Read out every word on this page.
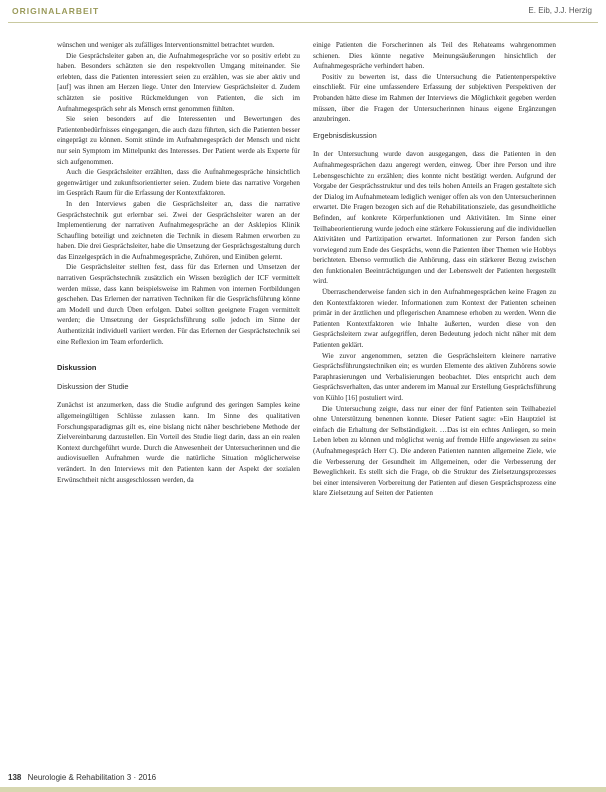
ORIGINALARBEIT	E. Eib, J.J. Herzig

wünschen und weniger als zufälliges Interventionsmittel betrachtet wurden.

Die Gesprächsleiter gaben an, die Aufnahmegespräche vor so positiv erlebt zu haben. Besonders schätzten sie den respektvollen Umgang miteinander. Sie erlebten, dass die Patienten interessiert seien zu erzählen, was sie aber aktiv und [auf] was ihnen am Herzen liege. Unter den Interview Gesprächsleiter d. Zudem schätzten sie positive Rückmeldungen von Patienten, die sich im Aufnahmegespräch sehr als Mensch ernst genommen fühlten.

Sie seien besonders auf die Interessenten und Bewertungen des Patientenbedürfnisses eingegangen, die auch dazu führten, sich die Patienten besser eingeprägt zu können. Somit stünde im Aufnahmegespräch der Mensch und nicht nur sein Symptom im Mittelpunkt des Interesses. Der Patient werde als Experte für sich aufgenommen.

Auch die Gesprächsleiter erzählten, dass die Aufnahmegespräche hinsichtlich gegenwärtiger und zukunftsorientierter seien. Zudem biete das narrative Vorgehen im Gespräch Raum für die Erfassung der Kontextfaktoren.

In den Interviews gaben die Gesprächsleiter an, dass die narrative Gesprächstechnik gut erlernbar sei. Zwei der Gesprächsleiter waren an der Implementierung der narrativen Aufnahmegespräche an der Asklepios Klinik Schaufling beteiligt und zeichneten die Technik in diesem Rahmen erworben zu haben. Die drei Gesprächsleiter, habe die Umsetzung der Gesprächsgestaltung durch das Einzelgespräch in die Aufnahmegespräche, Zuhören, und Einüben gelernt.

Die Gesprächsleiter stellten fest, dass für das Erlernen und Umsetzen der narrativen Gesprächstechnik zusätzlich ein Wissen bezüglich der ICF vermittelt werden müsse, dass kann beispielsweise im Rahmen von internen Fortbildungen geschehen. Das Erlernen der narrativen Techniken für die Gesprächsführung könne am Modell und durch Üben erfolgen. Dabei sollten geeignete Fragen vermittelt werden; die Umsetzung der Gesprächsführung solle jedoch im Sinne der Authentizität individuell variiert werden. Für das Erlernen der Gesprächstechnik sei eine Reflexion im Team erforderlich.

Diskussion
Diskussion der Studie

Zunächst ist anzumerken, dass die Studie aufgrund des geringen Samples keine allgemeingültigen Schlüsse zulassen kann. Im Sinne des qualitativen Forschungsparadigmas gilt es, eine bislang nicht näher beschriebene Methode der Zielvereinbarung darzustellen. Ein Vorteil des Studie liegt darin, dass an ein realen Kontext durchgeführt wurde. Durch die Anwesenheit der Untersucherinnen und die audiovisuellen Aufnahmen wurde die natürliche Situation möglicherweise verändert. In den Interviews mit den Patienten kann der Aspekt der sozialen Erwünschtheit nicht ausgeschlossen werden, da

einige Patienten die Forscherinnen als Teil des Rehateams wahrgenommen schienen. Dies könnte negative Meinungsäußerungen hinsichtlich der Aufnahmegespräche verhindert haben.

Positiv zu bewerten ist, dass die Untersuchung die Patientenperspektive einschließt. Für eine umfassendere Erfassung der subjektiven Perspektiven der Probanden hätte diese im Rahmen der Interviews die Möglichkeit gegeben werden müssen, über die Fragen der Untersucherinnen hinaus eigene Ergänzungen anzubringen.

Ergebnisdiskussion

In der Untersuchung wurde davon ausgegangen, dass die Patienten in den Aufnahmegesprächen dazu angeregt werden, einweg. Über ihre Person und ihre Lebensgeschichte zu erzählen; dies konnte nicht bestätigt werden. Aufgrund der Vorgabe der Gesprächsstruktur und des teils hohen Anteils an Fragen gestaltete sich der Dialog im Aufnahmeteam lediglich weniger offen als von den Untersucherinnen erwartet. Die Fragen bezogen sich auf die Rehabilitationsziele, das gesundheitliche Befinden, auf konkrete Körperfunktionen und Aktivitäten. Im Sinne einer Teilhabeorientierung wurde jedoch eine stärkere Fokussierung auf die individuellen Aktivitäten und Partizipation erwartet. Informationen zur Person fanden sich vorwiegend zum Ende des Gesprächs, wenn die Patienten über Themen wie Hobbys berichteten. Ebenso vermutlich die Anhörung, dass ein stärkerer Bezug zwischen den funktionalen Beeinträchtigungen und der Lebenswelt der Patienten hergestellt wird.

Überraschenderweise fanden sich in den Aufnahmegesprächen keine Fragen zu den Kontextfaktoren wieder. Informationen zum Kontext der Patienten scheinen primär in der ärztlichen und pflegerischen Anamnese erhoben zu werden. Wenn die Patienten Kontextfaktoren wie Inhalte äußerten, wurden diese von den Gesprächsleitern zwar aufgegriffen, deren Bedeutung jedoch nicht näher mit dem Patienten geklärt.

Wie zuvor angenommen, setzten die Gesprächsleitern kleinere narrative Gesprächsführungstechniken ein; es wurden Elemente des aktiven Zuhörens sowie Paraphrasierungen und Verbalisierungen beobachtet. Dies entspricht auch dem Gesprächsverhalten, das unter anderem im Manual zur Erstellung Gesprächsführung von Kühlo [16] postuliert wird.

Die Untersuchung zeigte, dass nur einer der fünf Patienten sein Teilhabeziel ohne Unterstützung benennen konnte. Dieser Patient sagte: »Ein Hauptziel ist einfach die Erhaltung der Selbständigkeit. …Das ist ein echtes Anliegen, so mein Leben leben zu können und möglichst wenig auf fremde Hilfe angewiesen zu sein« (Aufnahmegespräch Herr C). Die anderen Patienten nannten allgemeine Ziele, wie die Verbesserung der Gesundheit im Allgemeinen, oder die Verbesserung der Beweglichkeit. Es stellt sich die Frage, ob die Struktur des Zielsetzungsprozesses bei einer intensiveren Vorbereitung der Patienten auf diesen Gesprächsprozess eine klare Zielsetzung auf Seiten der Patienten

138 Neurologie & Rehabilitation 3 · 2016
